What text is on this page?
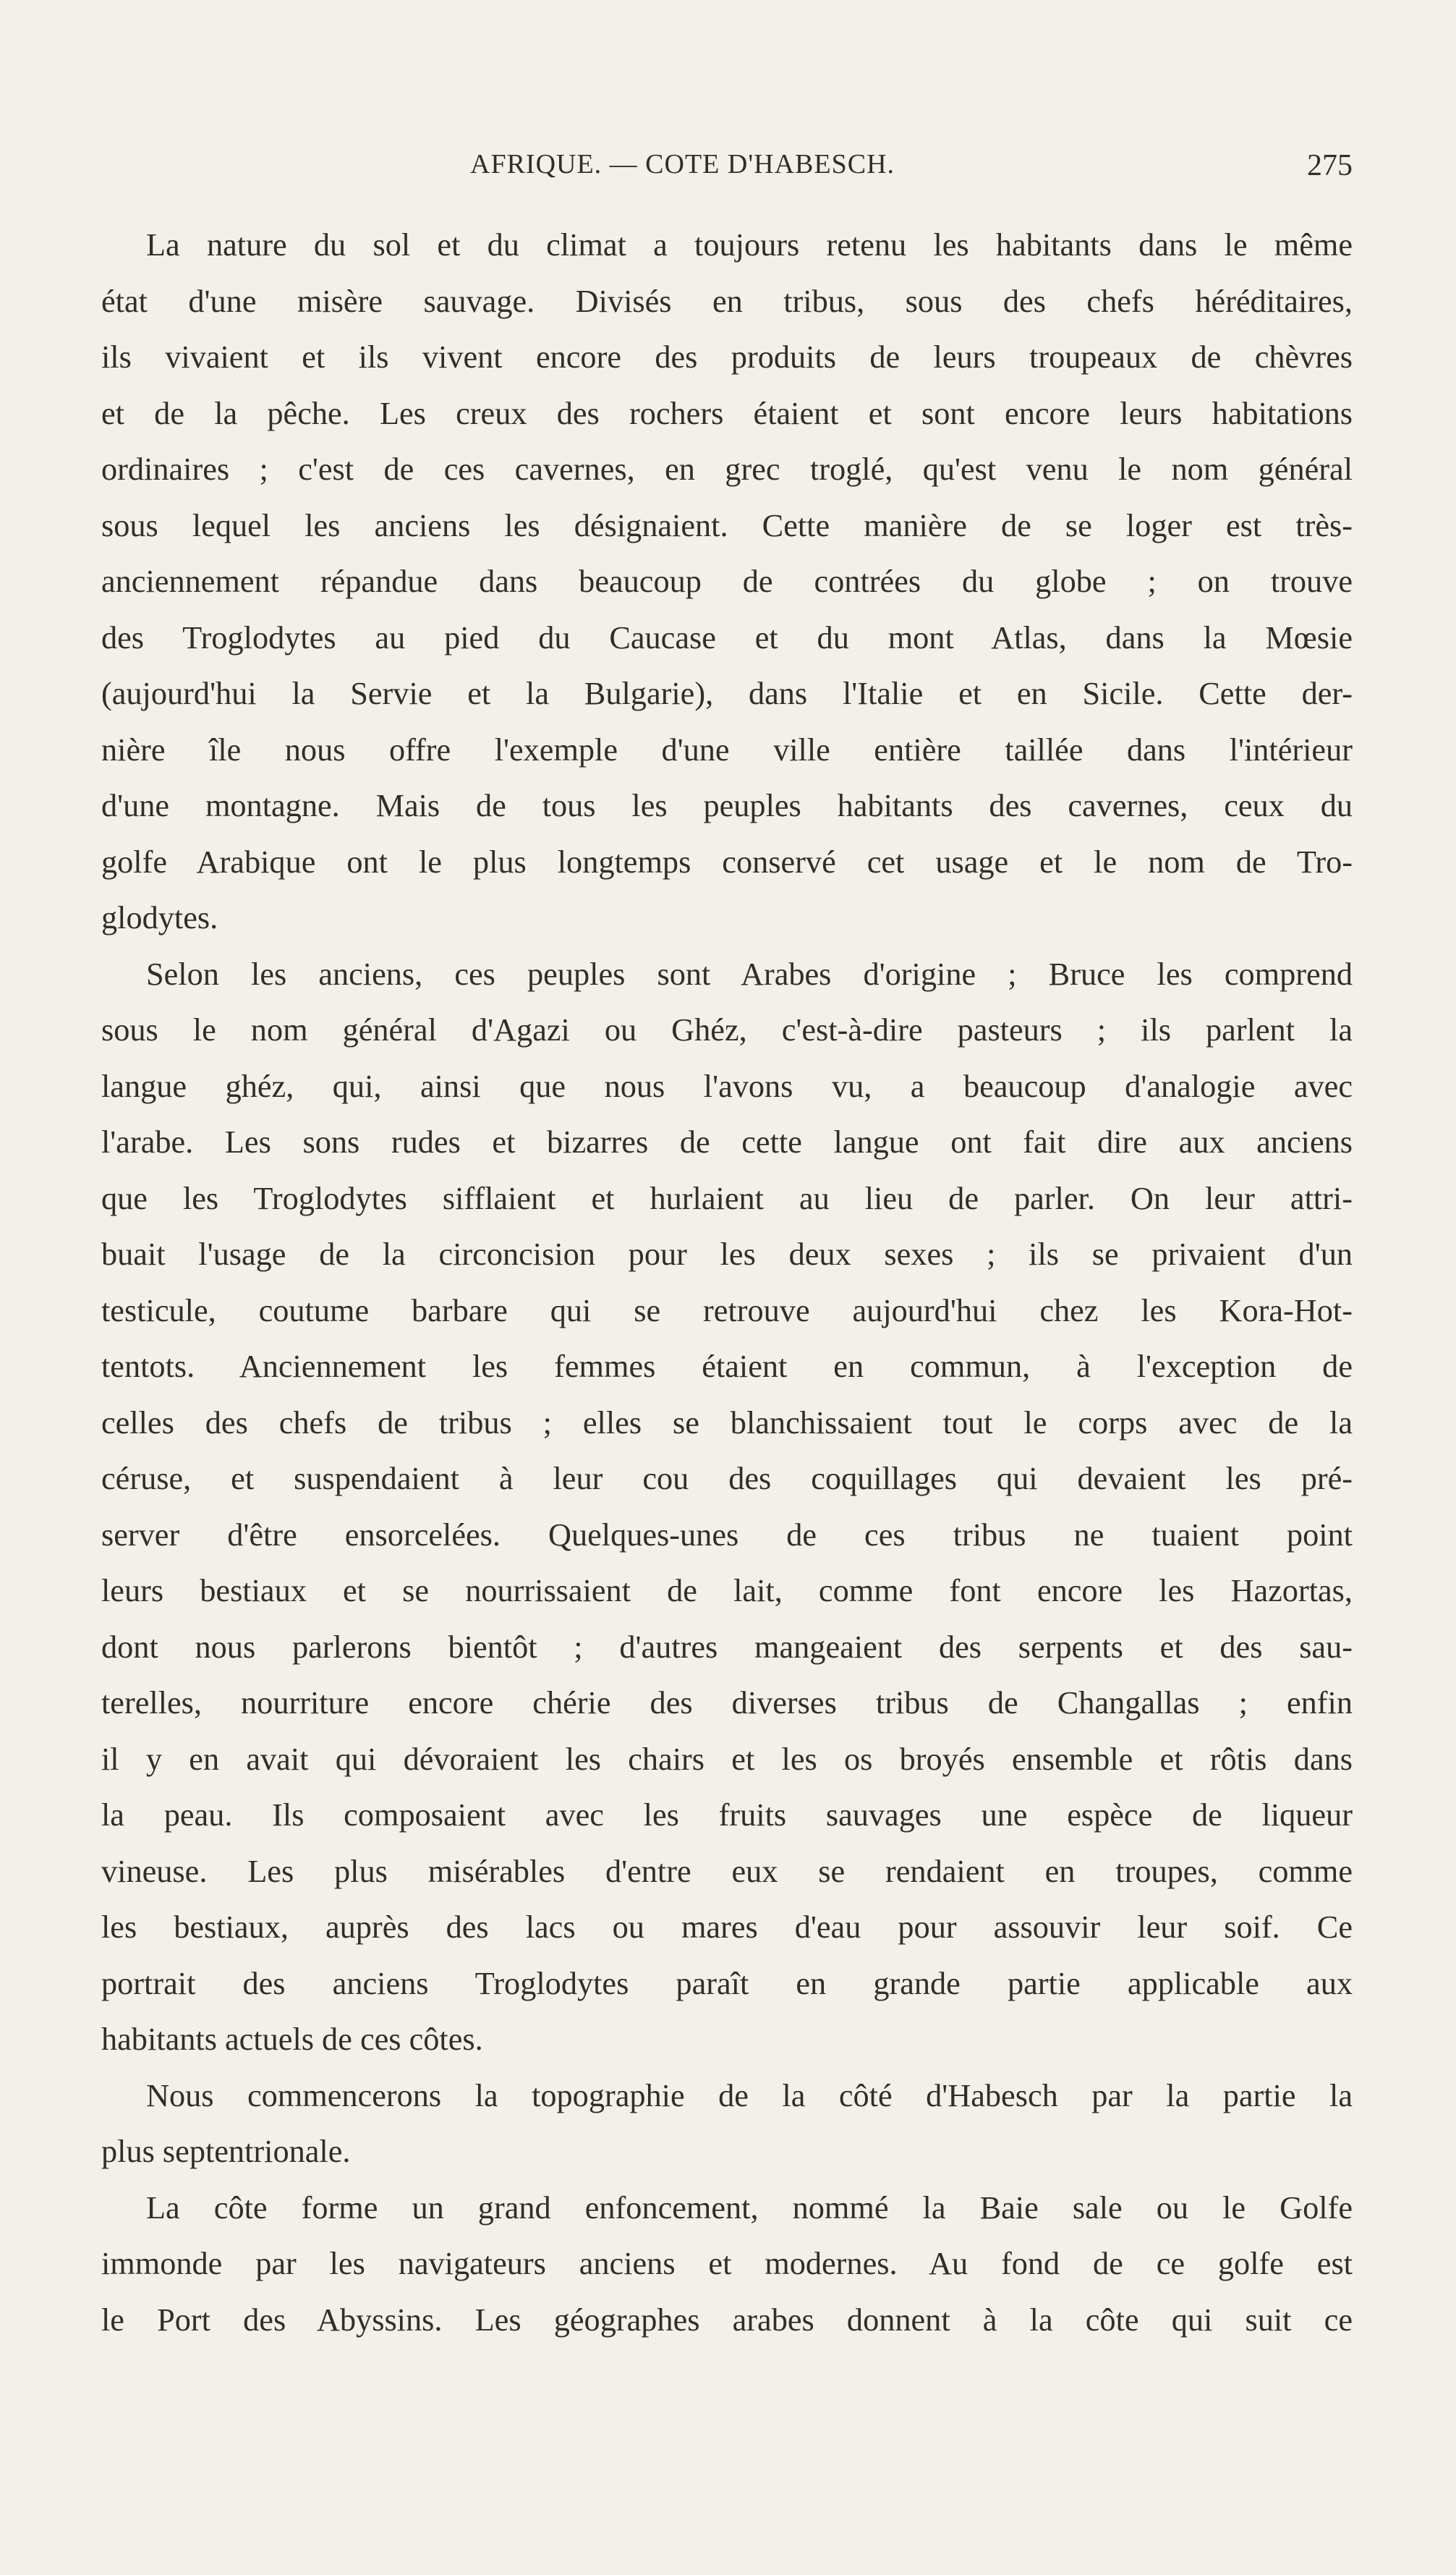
AFRIQUE. — COTE D'HABESCH.	275
La nature du sol et du climat a toujours retenu les habitants dans le même
état d'une misère sauvage. Divisés en tribus, sous des chefs héréditaires,
ils vivaient et ils vivent encore des produits de leurs troupeaux de chèvres
et de la pêche. Les creux des rochers étaient et sont encore leurs habitations
ordinaires ; c'est de ces cavernes, en grec troglé, qu'est venu le nom général
sous lequel les anciens les désignaient. Cette manière de se loger est très-
anciennement répandue dans beaucoup de contrées du globe ; on trouve
des Troglodytes au pied du Caucase et du mont Atlas, dans la Mœsie
(aujourd'hui la Servie et la Bulgarie), dans l'Italie et en Sicile. Cette der-
nière île nous offre l'exemple d'une ville entière taillée dans l'intérieur
d'une montagne. Mais de tous les peuples habitants des cavernes, ceux du
golfe Arabique ont le plus longtemps conservé cet usage et le nom de Tro-
glodytes.
Selon les anciens, ces peuples sont Arabes d'origine ; Bruce les comprend
sous le nom général d'Agazi ou Ghéz, c'est-à-dire pasteurs ; ils parlent la
langue ghéz, qui, ainsi que nous l'avons vu, a beaucoup d'analogie avec
l'arabe. Les sons rudes et bizarres de cette langue ont fait dire aux anciens
que les Troglodytes sifflaient et hurlaient au lieu de parler. On leur attri-
buait l'usage de la circoncision pour les deux sexes ; ils se privaient d'un
testicule, coutume barbare qui se retrouve aujourd'hui chez les Kora-Hot-
tentots. Anciennement les femmes étaient en commun, à l'exception de
celles des chefs de tribus ; elles se blanchissaient tout le corps avec de la
céruse, et suspendaient à leur cou des coquillages qui devaient les pré-
server d'être ensorcelées. Quelques-unes de ces tribus ne tuaient point
leurs bestiaux et se nourrissaient de lait, comme font encore les Hazortas,
dont nous parlerons bientôt ; d'autres mangeaient des serpents et des sau-
terelles, nourriture encore chérie des diverses tribus de Changallas ; enfin
il y en avait qui dévoraient les chairs et les os broyés ensemble et rôtis dans
la peau. Ils composaient avec les fruits sauvages une espèce de liqueur
vineuse. Les plus misérables d'entre eux se rendaient en troupes, comme
les bestiaux, auprès des lacs ou mares d'eau pour assouvir leur soif. Ce
portrait des anciens Troglodytes paraît en grande partie applicable aux
habitants actuels de ces côtes.
Nous commencerons la topographie de la côté d'Habesch par la partie la
plus septentrionale.
La côte forme un grand enfoncement, nommé la Baie sale ou le Golfe
immonde par les navigateurs anciens et modernes. Au fond de ce golfe est
le Port des Abyssins. Les géographes arabes donnent à la côte qui suit ce
